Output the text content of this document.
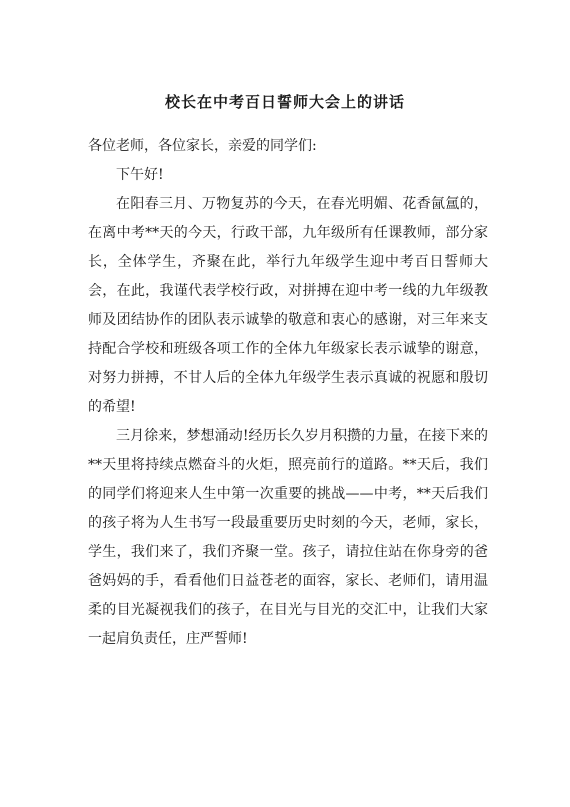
校长在中考百日誓师大会上的讲话

各位老师，各位家长，亲爱的同学们:

下午好!

在阳春三月、万物复苏的今天，在春光明媚、花香氤氲的，在离中考**天的今天，行政干部，九年级所有任课教师，部分家长，全体学生，齐聚在此，举行九年级学生迎中考百日誓师大会，在此，我谨代表学校行政，对拼搏在迎中考一线的九年级教师及团结协作的团队表示诚挚的敬意和衷心的感谢，对三年来支持配合学校和班级各项工作的全体九年级家长表示诚挚的谢意，对努力拼搏，不甘人后的全体九年级学生表示真诚的祝愿和殷切的希望!

三月徐来，梦想涌动!经历长久岁月积攒的力量，在接下来的**天里将持续点燃奋斗的火炬，照亮前行的道路。**天后，我们的同学们将迎来人生中第一次重要的挑战——中考，**天后我们的孩子将为人生书写一段最重要历史时刻的今天，老师，家长，学生，我们来了，我们齐聚一堂。孩子，请拉住站在你身旁的爸爸妈妈的手，看看他们日益苍老的面容，家长、老师们，请用温柔的目光凝视我们的孩子，在目光与目光的交汇中，让我们大家一起肩负责任，庄严誓师!
